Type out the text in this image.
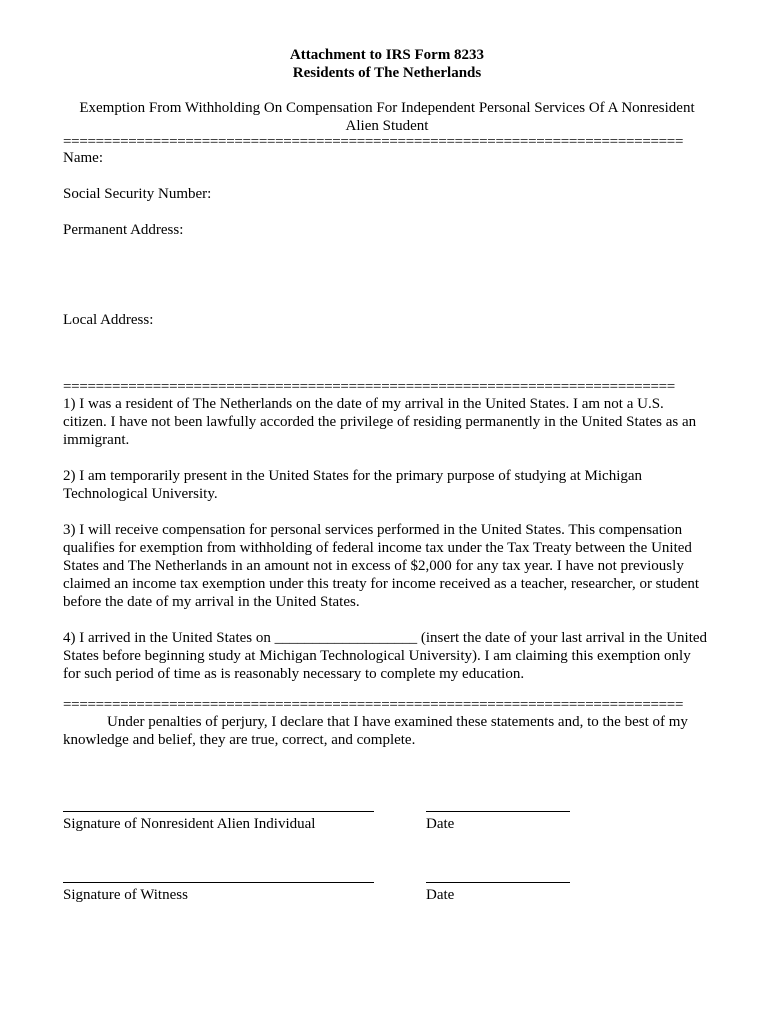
Attachment to IRS Form 8233
Residents of The Netherlands
Exemption From Withholding On Compensation For Independent Personal Services Of A Nonresident
Alien Student
============================================================================
Name:
Social Security Number:
Permanent Address:
Local Address:
===========================================================================

1) I was a resident of The Netherlands on the date of my arrival in the United States. I am not a U.S. citizen. I have not been lawfully accorded the privilege of residing permanently in the United States as an immigrant.

2) I am temporarily present in the United States for the primary purpose of studying at Michigan Technological University.

3) I will receive compensation for personal services performed in the United States. This compensation qualifies for exemption from withholding of federal income tax under the Tax Treaty between the United States and The Netherlands in an amount not in excess of $2,000 for any tax year. I have not previously claimed an income tax exemption under this treaty for income received as a teacher, researcher, or student before the date of my arrival in the United States.

4) I arrived in the United States on ___________________ (insert the date of your last arrival in the United States before beginning study at Michigan Technological University). I am claiming this exemption only for such period of time as is reasonably necessary to complete my education.

============================================================================

Under penalties of perjury, I declare that I have examined these statements and, to the best of my knowledge and belief, they are true, correct, and complete.

Signature of Nonresident Alien Individual	Date
Signature of Witness	Date
